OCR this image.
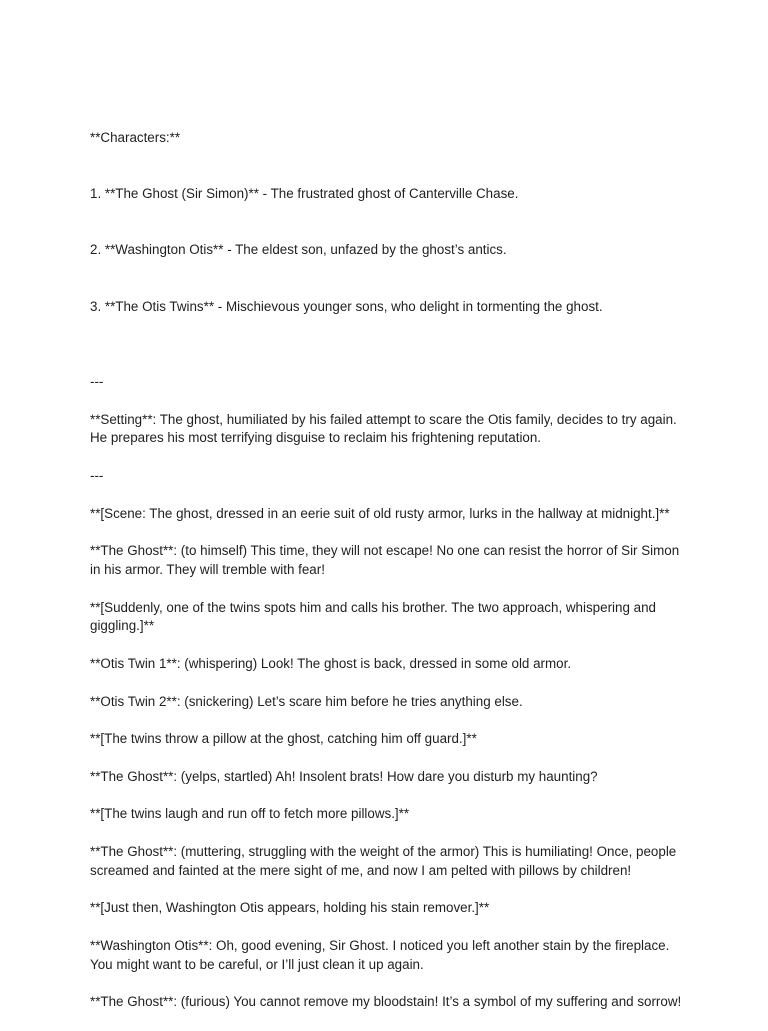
**Characters:**

1. **The Ghost (Sir Simon)** - The frustrated ghost of Canterville Chase.

2. **Washington Otis** - The eldest son, unfazed by the ghost’s antics.

3. **The Otis Twins** - Mischievous younger sons, who delight in tormenting the ghost.

---
**Setting**: The ghost, humiliated by his failed attempt to scare the Otis family, decides to try again. He prepares his most terrifying disguise to reclaim his frightening reputation.
---
**[Scene: The ghost, dressed in an eerie suit of old rusty armor, lurks in the hallway at midnight.]**
**The Ghost**: (to himself) This time, they will not escape! No one can resist the horror of Sir Simon in his armor. They will tremble with fear!
**[Suddenly, one of the twins spots him and calls his brother. The two approach, whispering and giggling.]**
**Otis Twin 1**: (whispering) Look! The ghost is back, dressed in some old armor.
**Otis Twin 2**: (snickering) Let’s scare him before he tries anything else.
**[The twins throw a pillow at the ghost, catching him off guard.]**
**The Ghost**: (yelps, startled) Ah! Insolent brats! How dare you disturb my haunting?
**[The twins laugh and run off to fetch more pillows.]**
**The Ghost**: (muttering, struggling with the weight of the armor) This is humiliating! Once, people screamed and fainted at the mere sight of me, and now I am pelted with pillows by children!
**[Just then, Washington Otis appears, holding his stain remover.]**
**Washington Otis**: Oh, good evening, Sir Ghost. I noticed you left another stain by the fireplace. You might want to be careful, or I’ll just clean it up again.
**The Ghost**: (furious) You cannot remove my bloodstain! It’s a symbol of my suffering and sorrow!
